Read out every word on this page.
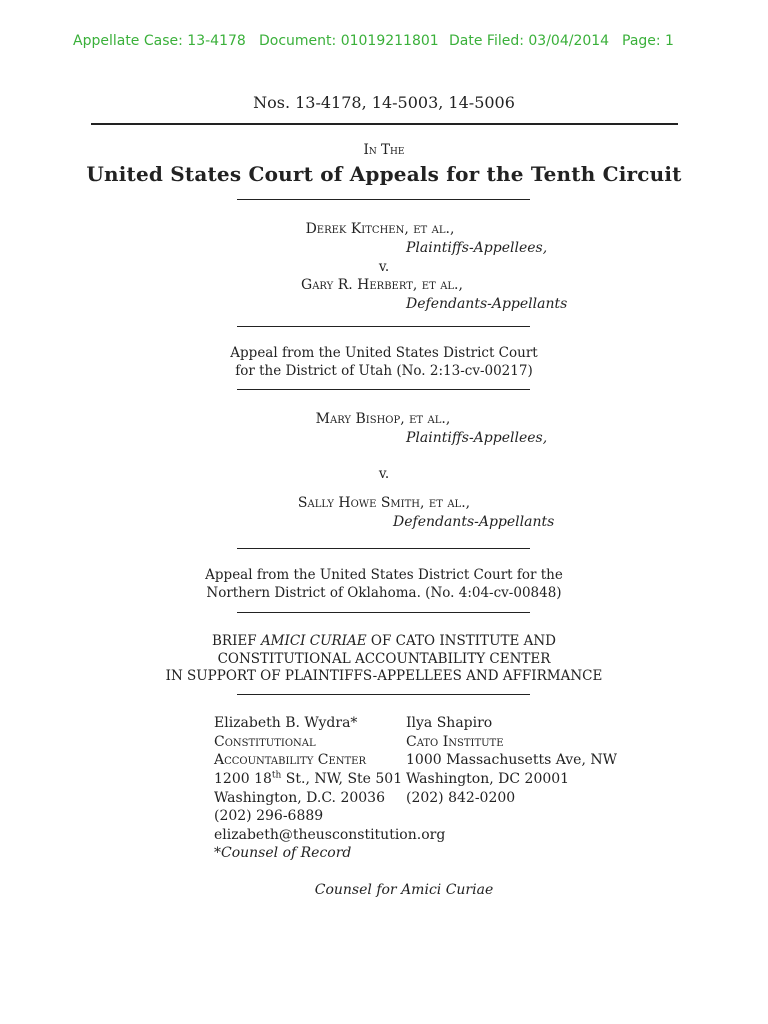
Appellate Case: 13-4178 Document: 01019211801 Date Filed: 03/04/2014 Page: 1
Nos. 13-4178, 14-5003, 14-5006
In The
United States Court of Appeals for the Tenth Circuit
Derek Kitchen, et al.,
Plaintiffs-Appellees,
v.
Gary R. Herbert, et al.,
Defendants-Appellants
Appeal from the United States District Court
for the District of Utah (No. 2:13-cv-00217)
Mary Bishop, et al.,
Plaintiffs-Appellees,
v.
Sally Howe Smith, et al.,
Defendants-Appellants
Appeal from the United States District Court for the
Northern District of Oklahoma. (No. 4:04-cv-00848)
BRIEF AMICI CURIAE OF CATO INSTITUTE AND
CONSTITUTIONAL ACCOUNTABILITY CENTER
IN SUPPORT OF PLAINTIFFS-APPELLEES AND AFFIRMANCE
Elizabeth B. Wydra*
Constitutional
Accountability Center
1200 18th St., NW, Ste 501
Washington, D.C. 20036
(202) 296-6889
elizabeth@theusconstitution.org
*Counsel of Record
Ilya Shapiro
Cato Institute
1000 Massachusetts Ave, NW
Washington, DC 20001
(202) 842-0200
Counsel for Amici Curiae
